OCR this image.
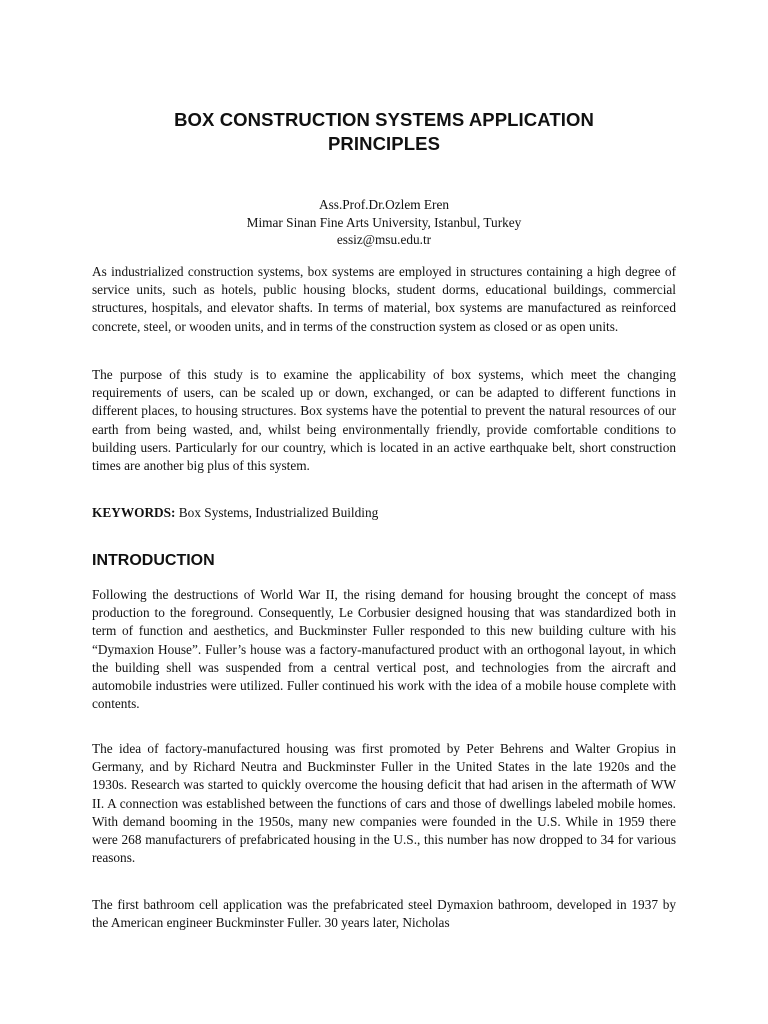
BOX CONSTRUCTION SYSTEMS APPLICATION
PRINCIPLES
Ass.Prof.Dr.Ozlem Eren
Mimar Sinan Fine Arts University, Istanbul, Turkey
essiz@msu.edu.tr

As industrialized construction systems, box systems are employed in structures containing a high degree of service units, such as hotels, public housing blocks, student dorms, educational buildings, commercial structures, hospitals, and elevator shafts. In terms of material, box systems are manufactured as reinforced concrete, steel, or wooden units, and in terms of the construction system as closed or as open units.

The purpose of this study is to examine the applicability of box systems, which meet the changing requirements of users, can be scaled up or down, exchanged, or can be adapted to different functions in different places, to housing structures. Box systems have the potential to prevent the natural resources of our earth from being wasted, and, whilst being environmentally friendly, provide comfortable conditions to building users. Particularly for our country, which is located in an active earthquake belt, short construction times are another big plus of this system.

KEYWORDS: Box Systems, Industrialized Building

INTRODUCTION

Following the destructions of World War II, the rising demand for housing brought the concept of mass production to the foreground. Consequently, Le Corbusier designed housing that was standardized both in term of function and aesthetics, and Buckminster Fuller responded to this new building culture with his “Dymaxion House”. Fuller’s house was a factory-manufactured product with an orthogonal layout, in which the building shell was suspended from a central vertical post, and technologies from the aircraft and automobile industries were utilized. Fuller continued his work with the idea of a mobile house complete with contents.

The idea of factory-manufactured housing was first promoted by Peter Behrens and Walter Gropius in Germany, and by Richard Neutra and Buckminster Fuller in the United States in the late 1920s and the 1930s. Research was started to quickly overcome the housing deficit that had arisen in the aftermath of WW II. A connection was established between the functions of cars and those of dwellings labeled mobile homes. With demand booming in the 1950s, many new companies were founded in the U.S. While in 1959 there were 268 manufacturers of prefabricated housing in the U.S., this number has now dropped to 34 for various reasons.

The first bathroom cell application was the prefabricated steel Dymaxion bathroom, developed in 1937 by the American engineer Buckminster Fuller. 30 years later, Nicholas
